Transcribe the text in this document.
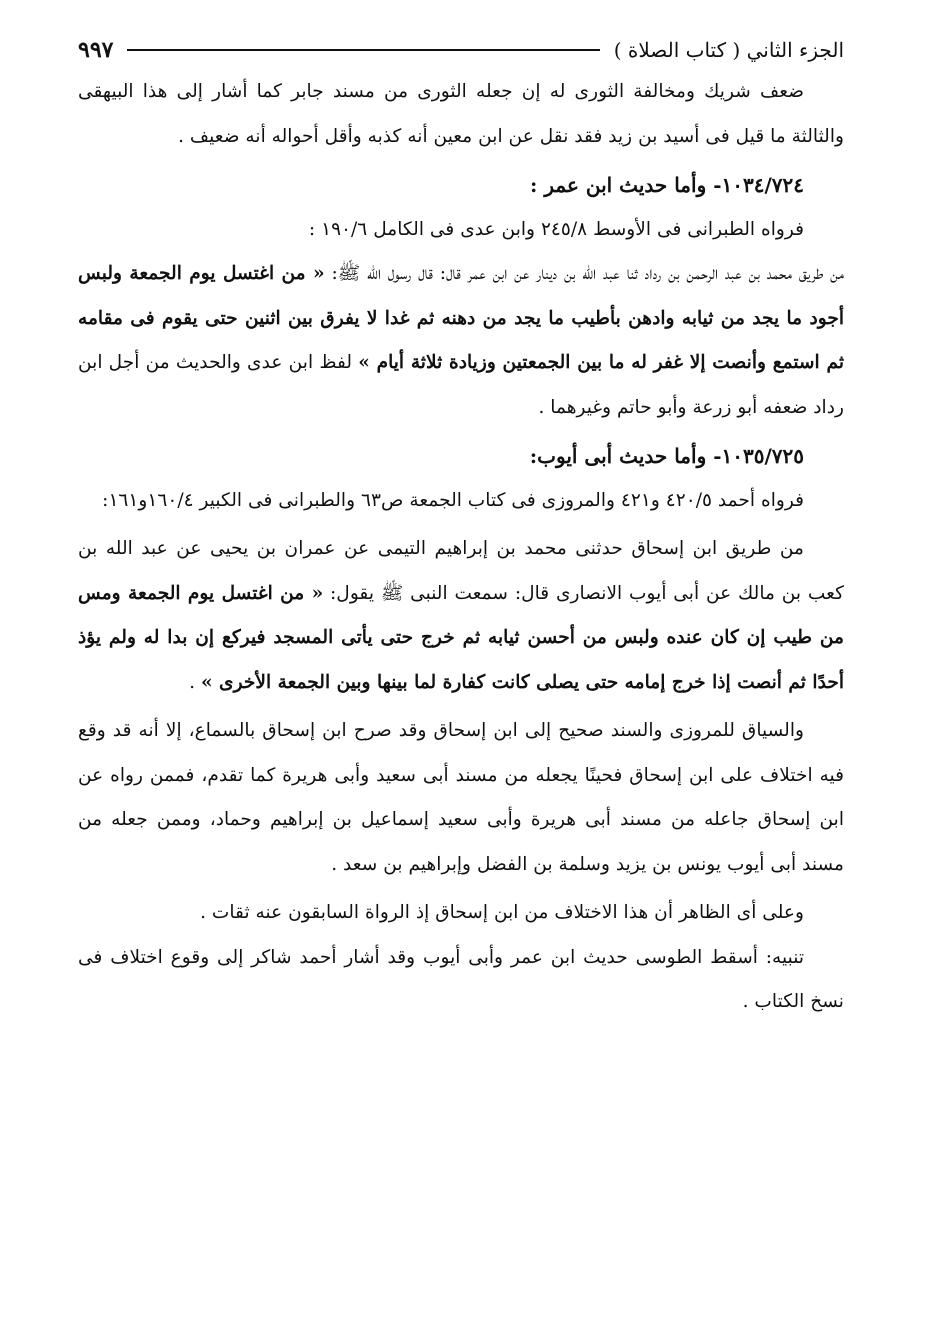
الجزء الثاني ( كتاب الصلاة )
٩٩٧

ضعف شريك ومخالفة الثورى له إن جعله الثورى من مسند جابر كما أشار إلى هذا البيهقى والثالثة ما قيل فى أسيد بن زيد فقد نقل عن ابن معين أنه كذبه وأقل أحواله أنه ضعيف .

١٠٣٤/٧٢٤- وأما حديث ابن عمر :

فرواه الطبرانى فى الأوسط ٢٤٥/٨ وابن عدى فى الكامل ١٩٠/٦ :

من طريق محمد بن عبد الرحمن بن رداد ثنا عبد الله بن دينار عن ابن عمر قال: قال رسول الله ﷺ: « من اغتسل يوم الجمعة ولبس أجود ما يجد من ثيابه وادهن بأطيب ما يجد من دهنه ثم غدا لا يفرق بين اثنين حتى يقوم فى مقامه ثم استمع وأنصت إلا غفر له ما بين الجمعتين وزيادة ثلاثة أيام » لفظ ابن عدى والحديث من أجل ابن رداد ضعفه أبو زرعة وأبو حاتم وغيرهما .

١٠٣٥/٧٢٥- وأما حديث أبى أيوب:

فرواه أحمد ٤٢٠/٥ و٤٢١ والمروزى فى كتاب الجمعة ص٦٣ والطبرانى فى الكبير ١٦٠/٤و١٦١:

من طريق ابن إسحاق حدثنى محمد بن إبراهيم التيمى عن عمران بن يحيى عن عبد الله بن كعب بن مالك عن أبى أيوب الانصارى قال: سمعت النبى ﷺ يقول: « من اغتسل يوم الجمعة ومس من طيب إن كان عنده ولبس من أحسن ثيابه ثم خرج حتى يأتى المسجد فيركع إن بدا له ولم يؤذ أحدًا ثم أنصت إذا خرج إمامه حتى يصلى كانت كفارة لما بينها وبين الجمعة الأخرى » .

والسياق للمروزى والسند صحيح إلى ابن إسحاق وقد صرح ابن إسحاق بالسماع، إلا أنه قد وقع فيه اختلاف على ابن إسحاق فحينًا يجعله من مسند أبى سعيد وأبى هريرة كما تقدم، فممن رواه عن ابن إسحاق جاعله من مسند أبى هريرة وأبى سعيد إسماعيل بن إبراهيم وحماد، وممن جعله من مسند أبى أيوب يونس بن يزيد وسلمة بن الفضل وإبراهيم بن سعد .

وعلى أى الظاهر أن هذا الاختلاف من ابن إسحاق إذ الرواة السابقون عنه ثقات .

تنبيه: أسقط الطوسى حديث ابن عمر وأبى أيوب وقد أشار أحمد شاكر إلى وقوع اختلاف فى نسخ الكتاب .
